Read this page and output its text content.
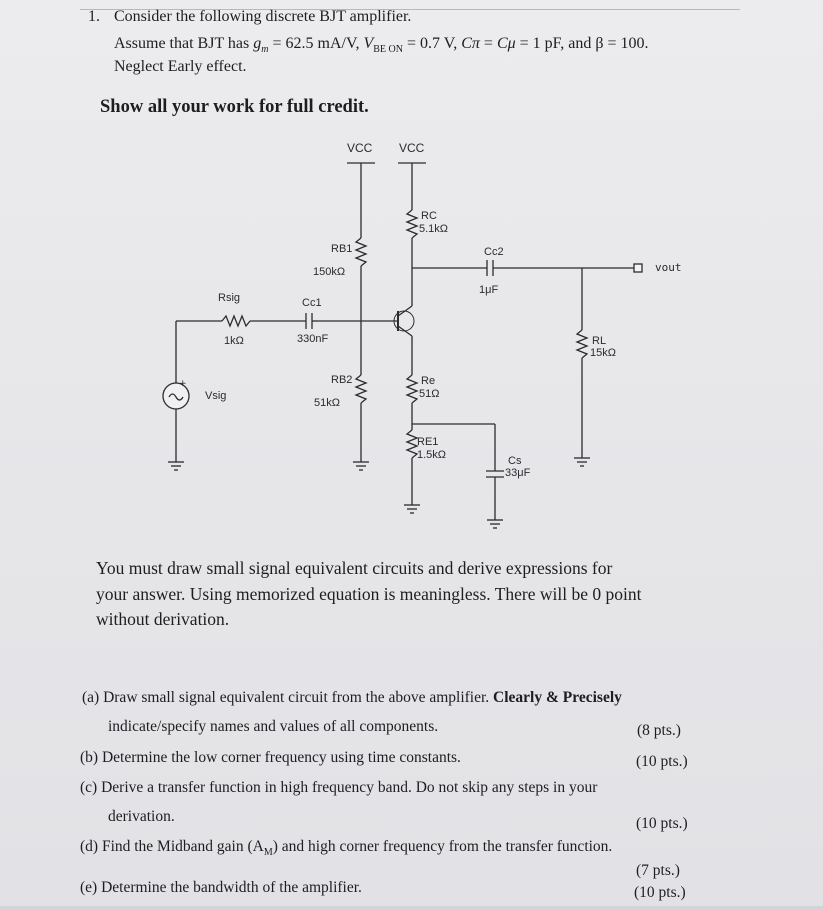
1. Consider the following discrete BJT amplifier.
Assume that BJT has $g_m = 62.5$ mA/V, $V_{BE ON} = 0.7$ V, Cπ = Cμ = 1 pF, and β = 100.
Neglect Early effect.
Show all your work for full credit.
+
VCC VCC
RC
5.1kΩ
RB1
150kΩ
Cc2
1μF
vout
Rsig
1kΩ
Cc1
330nF	RL
15kΩ
Vsig
RB2
51kΩ
Re
51Ω
RE1
1.5kΩ	Cs
33μF
You must draw small signal equivalent circuits and derive expressions for
your answer. Using memorized equation is meaningless. There will be 0 point
without derivation.
(a) Draw small signal equivalent circuit from the above amplifier. Clearly & Precisely
indicate/specify names and values of all components.	(8 pts.)
(b) Determine the low corner frequency using time constants.	(10 pts.)
(c) Derive a transfer function in high frequency band. Do not skip any steps in your
derivation.	(10 pts.)
(d) Find the Midband gain $(A_M)$ and high corner frequency from the transfer function.
(7 pts.)
(e) Determine the bandwidth of the amplifier.	(10 pts.)
